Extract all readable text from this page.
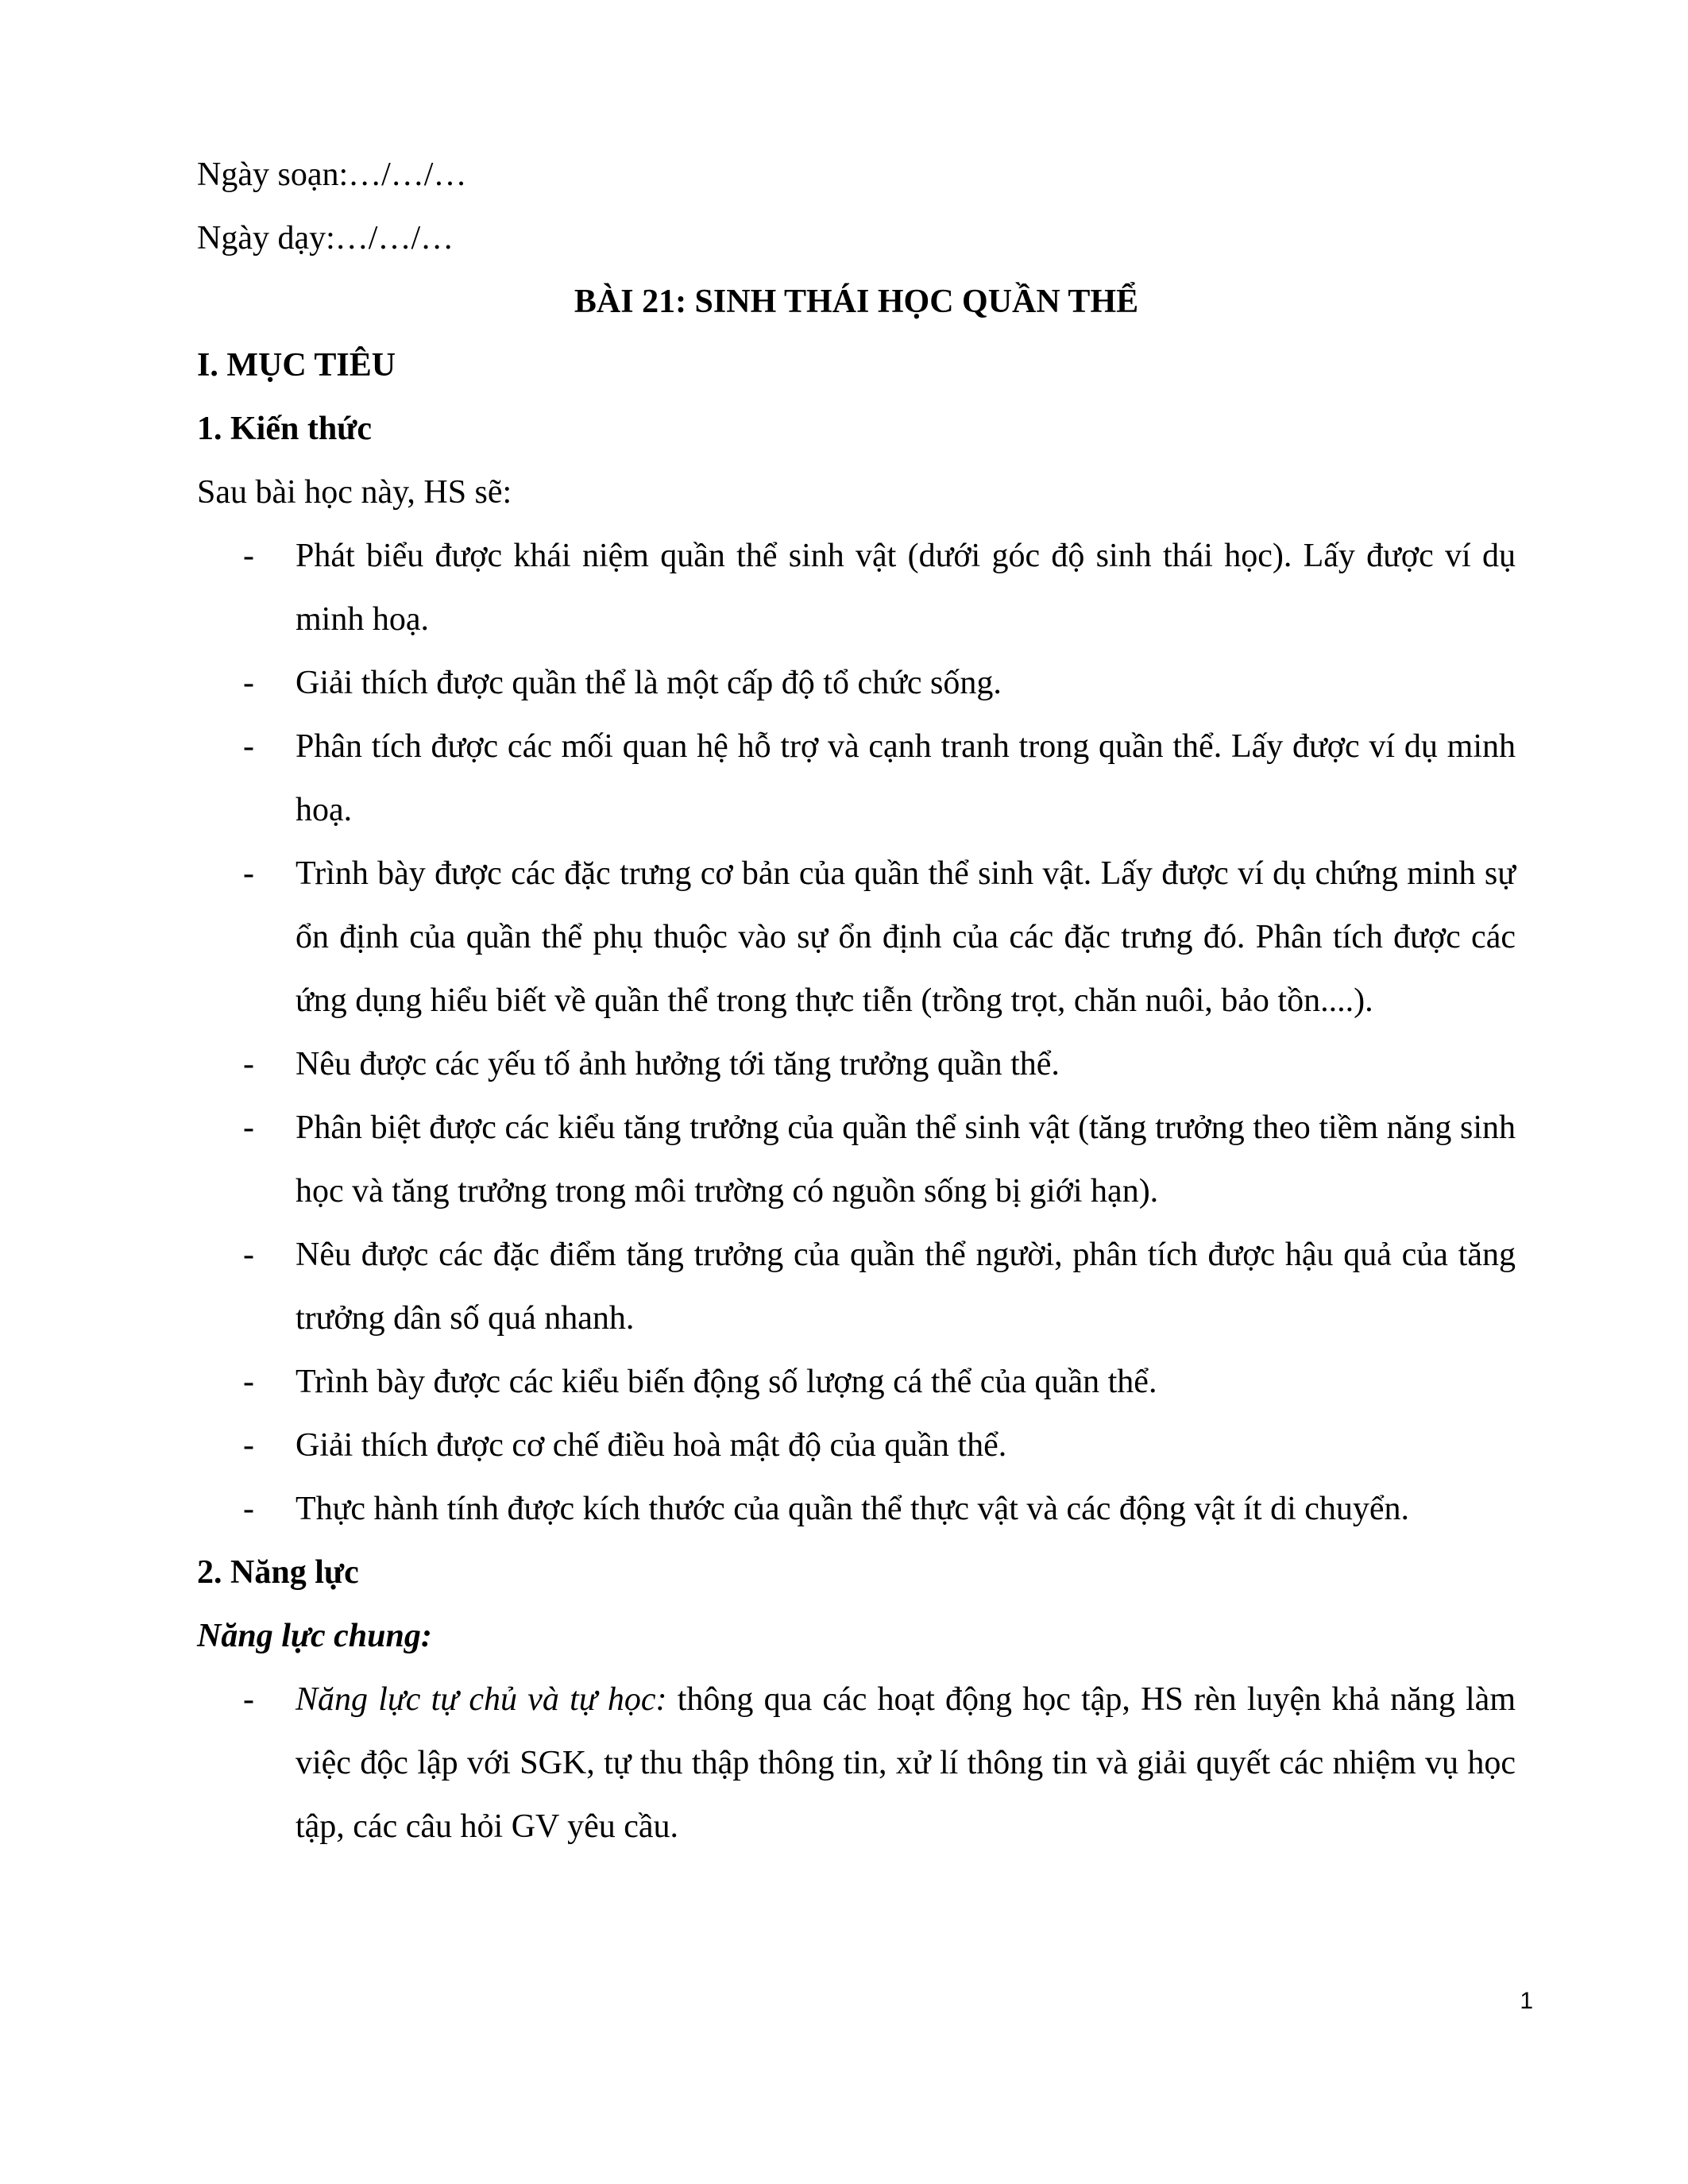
Ngày soạn:…/…/…

Ngày dạy:…/…/…

BÀI 21: SINH THÁI HỌC QUẦN THỂ

I. MỤC TIÊU

1. Kiến thức

Sau bài học này, HS sẽ:

- Phát biểu được khái niệm quần thể sinh vật (dưới góc độ sinh thái học). Lấy được ví dụ minh hoạ.
- Giải thích được quần thể là một cấp độ tổ chức sống.
- Phân tích được các mối quan hệ hỗ trợ và cạnh tranh trong quần thể. Lấy được ví dụ minh hoạ.
- Trình bày được các đặc trưng cơ bản của quần thể sinh vật. Lấy được ví dụ chứng minh sự ổn định của quần thể phụ thuộc vào sự ổn định của các đặc trưng đó. Phân tích được các ứng dụng hiểu biết về quần thể trong thực tiễn (trồng trọt, chăn nuôi, bảo tồn....).
- Nêu được các yếu tố ảnh hưởng tới tăng trưởng quần thể.
- Phân biệt được các kiểu tăng trưởng của quần thể sinh vật (tăng trưởng theo tiềm năng sinh học và tăng trưởng trong môi trường có nguồn sống bị giới hạn).
- Nêu được các đặc điểm tăng trưởng của quần thể người, phân tích được hậu quả của tăng trưởng dân số quá nhanh.
- Trình bày được các kiểu biến động số lượng cá thể của quần thể.
- Giải thích được cơ chế điều hoà mật độ của quần thể.
- Thực hành tính được kích thước của quần thể thực vật và các động vật ít di chuyển.

2. Năng lực

Năng lực chung:

- Năng lực tự chủ và tự học: thông qua các hoạt động học tập, HS rèn luyện khả năng làm việc độc lập với SGK, tự thu thập thông tin, xử lí thông tin và giải quyết các nhiệm vụ học tập, các câu hỏi GV yêu cầu.
1
